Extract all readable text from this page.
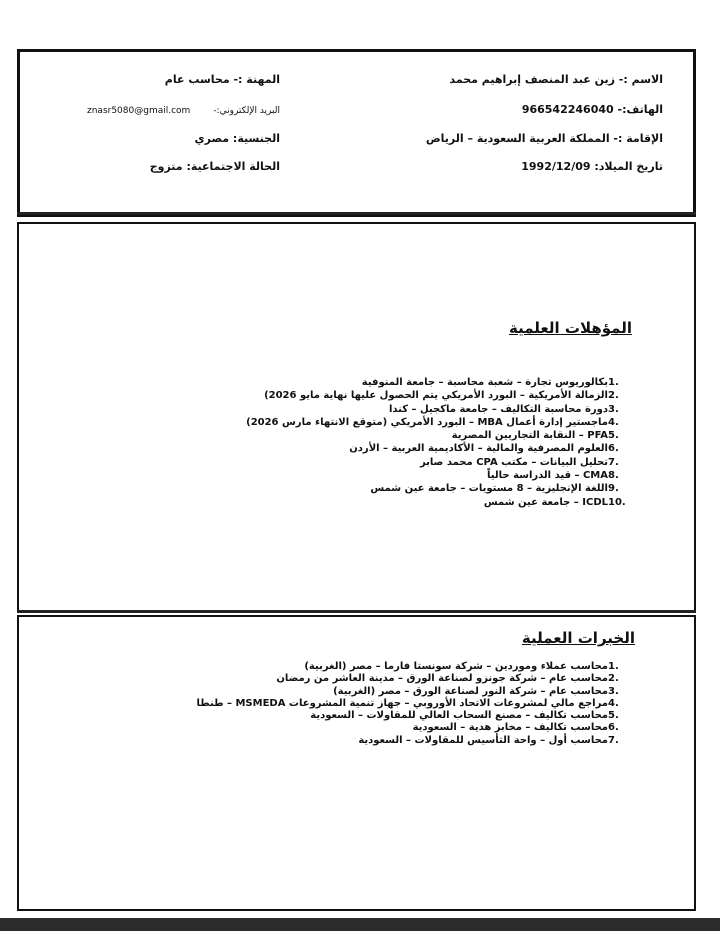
الاسم :- زين عبد المنصف إبراهيم محمد
الهاتف:- 966542246040
الإقامة :- المملكة العربية السعودية – الرياض
تاريخ الميلاد: 1992/12/09
المهنة :- محاسب عام
البريد الإلكتروني:-
znasr5080@gmail.com
الجنسية: مصري
الحالة الاجتماعية: متزوج
المؤهلات العلمية
1.بكالوريوس تجارة – شعبة محاسبة – جامعة المنوفية
2.الزمالة الأمريكية – البورد الأمريكي يتم الحصول عليها نهاية مايو 2026)
3.دورة محاسبة التكاليف – جامعة ماكجيل – كندا
4.ماجستير إدارة أعمال MBA – البورد الأمريكي (متوقع الانتهاء مارس 2026)
5.PFA – النقابة التجاريين المصرية
6.العلوم المصرفية والمالية – الأكاديمية العربية – الأردن
7.تحليل البيانات – مكتب CPA محمد صابر
8.CMA – قيد الدراسة حالياً
9.اللغة الإنجليزية – 8 مستويات – جامعة عين شمس
10.ICDL – جامعة عين شمس
الخبرات العملية
1.محاسب عملاء وموردين – شركة سونستا فارما – مصر (الغربية)
2.محاسب عام – شركة جونزو لصناعة الورق – مدينة العاشر من رمضان
3.محاسب عام – شركة النور لصناعة الورق – مصر (الغربية)
4.مراجع مالي لمشروعات الاتحاد الأوروبي – جهاز تنمية المشروعات MSMEDA – طنطا
5.محاسب تكاليف – مصنع السحاب العالي للمقاولات – السعودية
6.محاسب تكاليف – مخابز هدية – السعودية
7.محاسب أول – واحة التأسيس للمقاولات – السعودية
